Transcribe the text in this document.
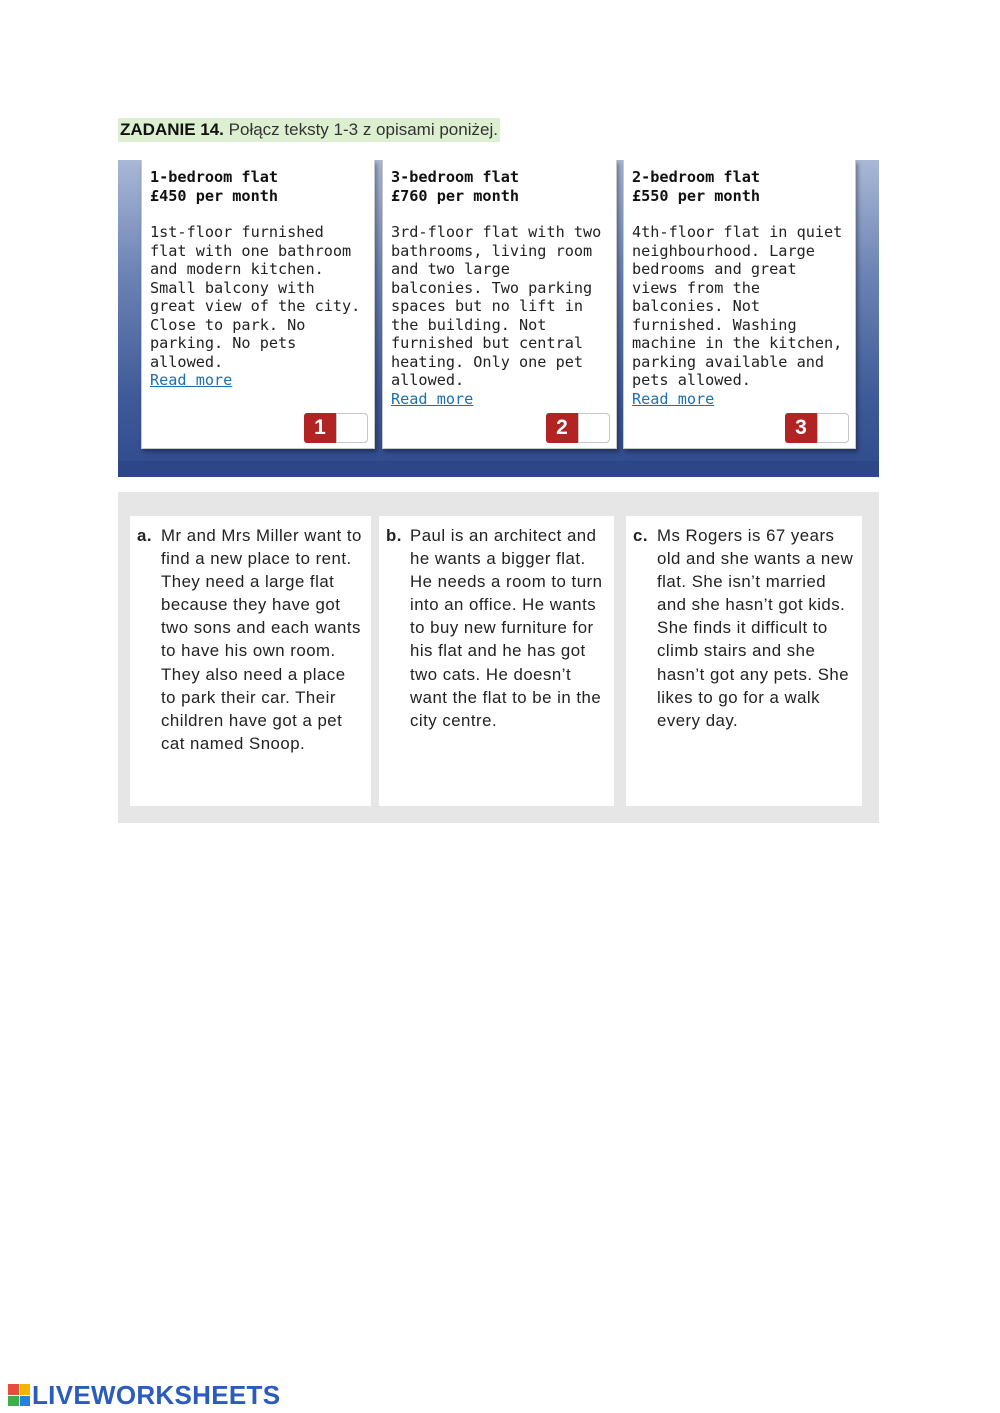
ZADANIE 14. Połącz teksty 1-3 z opisami poniżej.
1-bedroom flat
£450 per month
1st-floor furnished flat with one bathroom and modern kitchen. Small balcony with great view of the city. Close to park. No parking. No pets allowed.
Read more
1
3-bedroom flat
£760 per month
3rd-floor flat with two bathrooms, living room and two large balconies. Two parking spaces but no lift in the building. Not furnished but central heating. Only one pet allowed.
Read more
2
2-bedroom flat
£550 per month
4th-floor flat in quiet neighbourhood. Large bedrooms and great views from the balconies. Not furnished. Washing machine in the kitchen, parking available and pets allowed.
Read more
3
a. Mr and Mrs Miller want to find a new place to rent. They need a large flat because they have got two sons and each wants to have his own room. They also need a place to park their car. Their children have got a pet cat named Snoop.
b. Paul is an architect and he wants a bigger flat. He needs a room to turn into an office. He wants to buy new furniture for his flat and he has got two cats. He doesn’t want the flat to be in the city centre.
c. Ms Rogers is 67 years old and she wants a new flat. She isn’t married and she hasn’t got kids. She finds it difficult to climb stairs and she hasn’t got any pets. She likes to go for a walk every day.
LIVEWORKSHEETS
